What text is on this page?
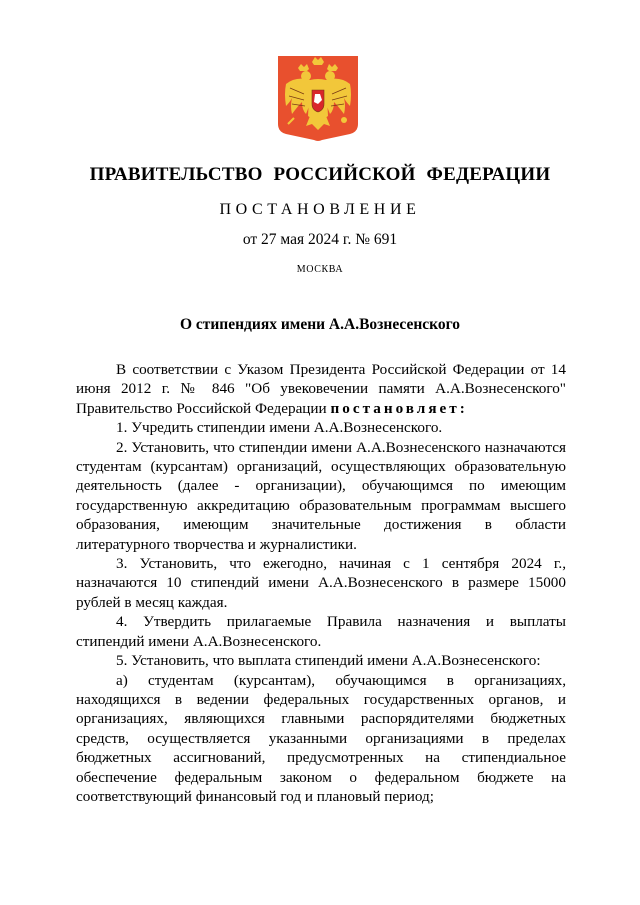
ПРАВИТЕЛЬСТВО РОССИЙСКОЙ ФЕДЕРАЦИИ
ПОСТАНОВЛЕНИЕ
от 27 мая 2024 г. № 691
МОСКВА
О стипендиях имени А.А.Вознесенского

В соответствии с Указом Президента Российской Федерации от 14 июня 2012 г. № 846 "Об увековечении памяти А.А.Вознесенского" Правительство Российской Федерации постановляет:

1. Учредить стипендии имени А.А.Вознесенского.

2. Установить, что стипендии имени А.А.Вознесенского назначаются студентам (курсантам) организаций, осуществляющих образовательную деятельность (далее - организации), обучающимся по имеющим государственную аккредитацию образовательным программам высшего образования, имеющим значительные достижения в области литературного творчества и журналистики.

3. Установить, что ежегодно, начиная с 1 сентября 2024 г., назначаются 10 стипендий имени А.А.Вознесенского в размере 15000 рублей в месяц каждая.

4. Утвердить прилагаемые Правила назначения и выплаты стипендий имени А.А.Вознесенского.

5. Установить, что выплата стипендий имени А.А.Вознесенского:

а) студентам (курсантам), обучающимся в организациях, находящихся в ведении федеральных государственных органов, и организациях, являющихся главными распорядителями бюджетных средств, осуществляется указанными организациями в пределах бюджетных ассигнований, предусмотренных на стипендиальное обеспечение федеральным законом о федеральном бюджете на соответствующий финансовый год и плановый период;
